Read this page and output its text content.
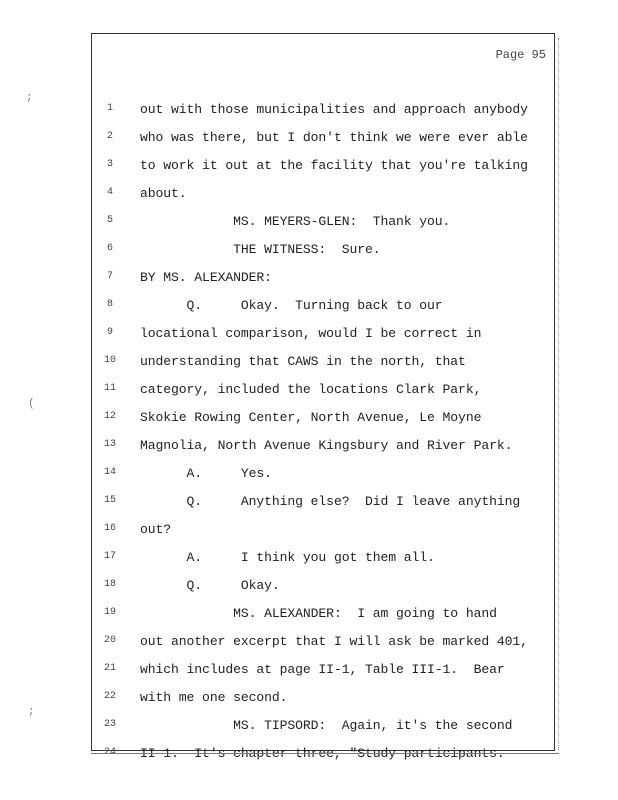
Page 95
1	out with those municipalities and approach anybody
2	who was there, but I don't think we were ever able
3	to work it out at the facility that you're talking
4	about.
5	MS. MEYERS-GLEN:  Thank you.
6	THE WITNESS:  Sure.
7	BY MS. ALEXANDER:
8	Q.     Okay.  Turning back to our
9	locational comparison, would I be correct in
10	understanding that CAWS in the north, that
11	category, included the locations Clark Park,
12	Skokie Rowing Center, North Avenue, Le Moyne
13	Magnolia, North Avenue Kingsbury and River Park.
14	A.     Yes.
15	Q.     Anything else?  Did I leave anything
16	out?
17	A.     I think you got them all.
18	Q.     Okay.
19	MS. ALEXANDER:  I am going to hand
20	out another excerpt that I will ask be marked 401,
21	which includes at page II-1, Table III-1.  Bear
22	with me one second.
23	MS. TIPSORD:  Again, it's the second
24	II-1.  It's chapter three, "Study participants.
;
(
;
